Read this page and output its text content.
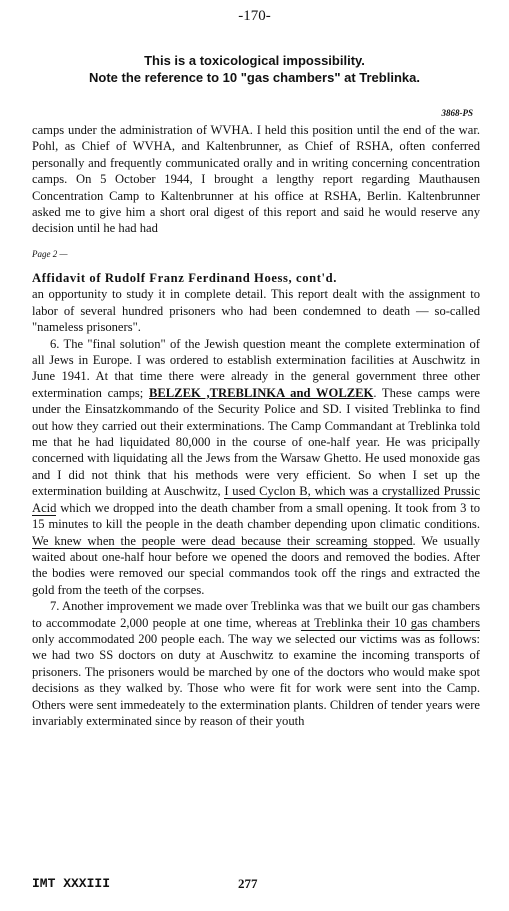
-170-
This is a toxicological impossibility.
Note the reference to 10 "gas chambers" at Treblinka.
3868-PS

camps under the administration of WVHA. I held this position until the end of the war. Pohl, as Chief of WVHA, and Kaltenbrunner, as Chief of RSHA, often conferred personally and frequently communicated orally and in writing concerning concentration camps. On 5 October 1944, I brought a lengthy report regarding Mauthausen Concentration Camp to Kaltenbrunner at his office at RSHA, Berlin. Kaltenbrunner asked me to give him a short oral digest of this report and said he would reserve any decision until he had had

Page 2 —

Affidavit of Rudolf Franz Ferdinand Hoess, cont'd.

an opportunity to study it in complete detail. This report dealt with the assignment to labor of several hundred prisoners who had been condemned to death — so-called "nameless prisoners".

6. The "final solution" of the Jewish question meant the complete extermination of all Jews in Europe. I was ordered to establish extermination facilities at Auschwitz in June 1941. At that time there were already in the general government three other extermination camps; BELZEK ,TREBLINKA and WOLZEK. These camps were under the Einsatzkommando of the Security Police and SD. I visited Treblinka to find out how they carried out their exterminations. The Camp Commandant at Treblinka told me that he had liquidated 80,000 in the course of one-half year. He was pricipally concerned with liquidating all the Jews from the Warsaw Ghetto. He used monoxide gas and I did not think that his methods were very efficient. So when I set up the extermination building at Auschwitz, I used Cyclon B, which was a crystallized Prussic Acid which we dropped into the death chamber from a small opening. It took from 3 to 15 minutes to kill the people in the death chamber depending upon climatic conditions. We knew when the people were dead because their screaming stopped. We usually waited about one-half hour before we opened the doors and removed the bodies. After the bodies were removed our special commandos took off the rings and extracted the gold from the teeth of the corpses.

7. Another improvement we made over Treblinka was that we built our gas chambers to accommodate 2,000 people at one time, whereas at Treblinka their 10 gas chambers only accommodated 200 people each. The way we selected our victims was as follows: we had two SS doctors on duty at Auschwitz to examine the incoming transports of prisoners. The prisoners would be marched by one of the doctors who would make spot decisions as they walked by. Those who were fit for work were sent into the Camp. Others were sent immedeately to the extermination plants. Children of tender years were invariably exterminated since by reason of their youth

IMT XXXIII	277
